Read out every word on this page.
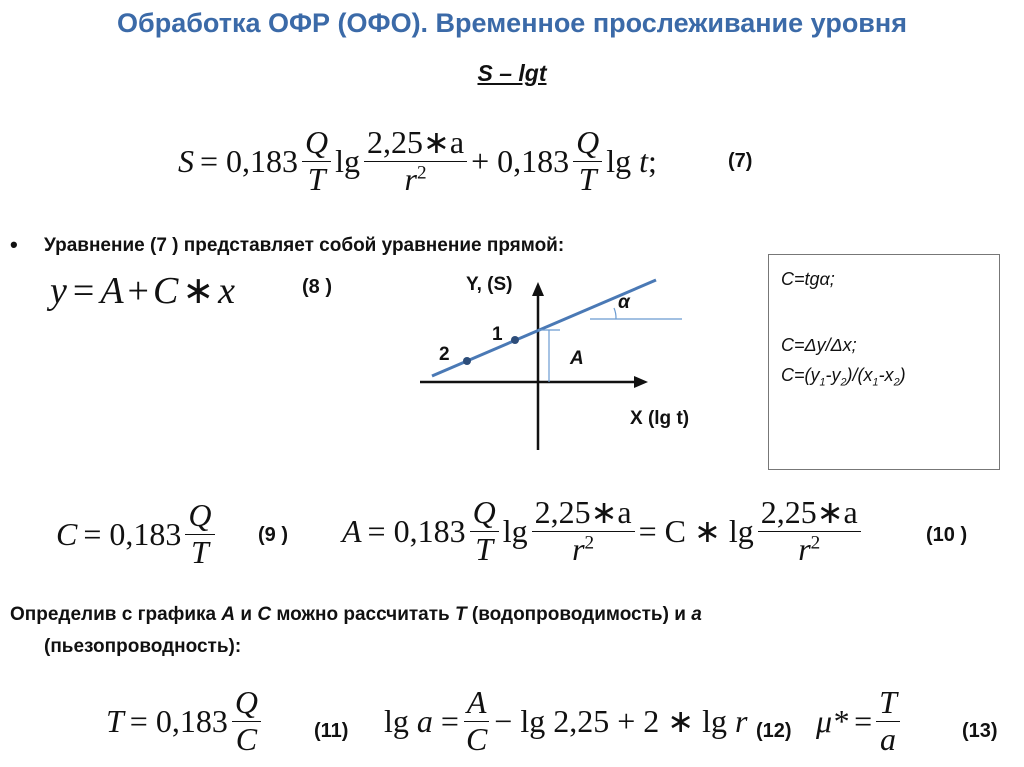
Обработка ОФР (ОФО). Временное прослеживание уровня
S – lgt
$S = 0,183 \frac{Q}{T}$ $\lg \frac{2,25∗a}{r^2} + 0,183 \frac{Q}{T}$ lg t ;	(7)
• Уравнение (7 ) представляет собой уравнение прямой:
y = A + C ∗ x	(8 )	Y, (S)
X (lg t)
1
2
α
A
C=tgα;
C=Δy/Δx;
$C=(y_1-y_2)/(x_1-x_2)$
$C = 0,183 \frac{Q}{T} (9$ ) $A = 0,183 \frac{Q}{T}$ $\lg \frac{2,25∗a}{r^2} = C$ ∗ $\lg \frac{2,25∗a}{r^2}$	(10 )
Определив с графика A и C можно рассчитать T (водопроводимость) и a
(пьезопроводность):
$T = 0,183 \frac{Q}{C}$	(11) $\lg a = \frac{A}{C} - \lg 2,25 + 2$ ∗ lg r (12) $\mu* = \frac{T}{a}$	(13)
